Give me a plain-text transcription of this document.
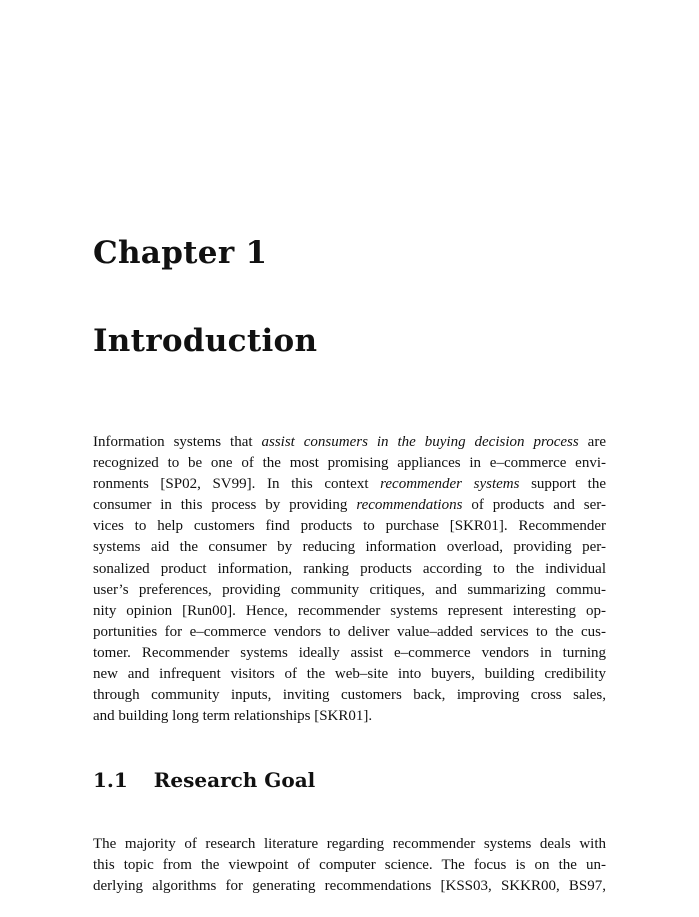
Chapter 1
Introduction
Information systems that assist consumers in the buying decision process are
recognized to be one of the most promising appliances in e–commerce envi-
ronments [SP02, SV99]. In this context recommender systems support the
consumer in this process by providing recommendations of products and ser-
vices to help customers find products to purchase [SKR01]. Recommender
systems aid the consumer by reducing information overload, providing per-
sonalized product information, ranking products according to the individual
user’s preferences, providing community critiques, and summarizing commu-
nity opinion [Run00]. Hence, recommender systems represent interesting op-
portunities for e–commerce vendors to deliver value–added services to the cus-
tomer. Recommender systems ideally assist e–commerce vendors in turning
new and infrequent visitors of the web–site into buyers, building credibility
through community inputs, inviting customers back, improving cross sales,
and building long term relationships [SKR01].
1.1 Research Goal
The majority of research literature regarding recommender systems deals with
this topic from the viewpoint of computer science. The focus is on the un-
derlying algorithms for generating recommendations [KSS03, SKKR00, BS97,
